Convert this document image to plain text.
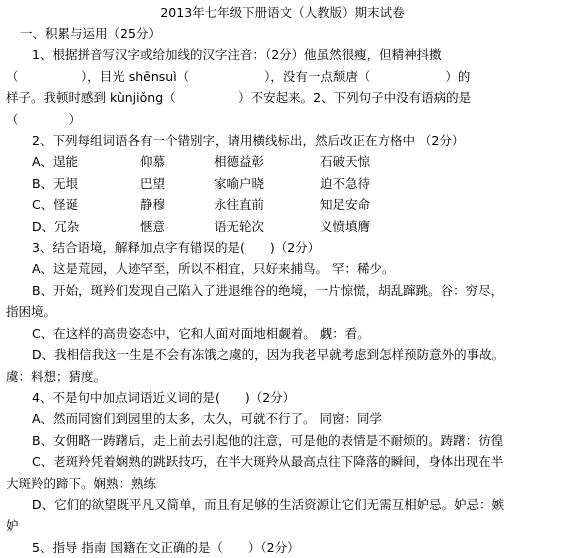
2013年七年级下册语文（人教版）期末试卷
一、积累与运用（25分）
1、根据拼音写汉字或给加线的汉字注音：（2分）他虽然很瘦，但精神抖擞
（　　　　　），目光 shēnsuì（　　　　　　），没有一点颓唐（　　　　　　）的
样子。我顿时感到 kùnjiǒng（　　　　　）不安起来。2、下列句子中没有语病的是
（　　　　）
2、下列每组词语各有一个错别字，请用横线标出，然后改正在方格中 （2分）
A、逞能	仰慕	相德益彰	石破天惊
B、无垠	巴望	家喻户晓	迫不急待
C、怪诞	静穆	永往直前	知足安命
D、冗杂	惬意	语无轮次	义愤填膺
3、结合语境，解释加点字有错误的是(　　)（2分）
A、这是荒园，人迹罕至，所以不相宜，只好来捕鸟。 罕：稀少。
B、开始，斑羚们发现自己陷入了进退维谷的绝境，一片惊慌，胡乱蹿跳。谷：穷尽，
指困境。
C、在这样的高贵姿态中，它和人面对面地相觑着。 觑：看。
D、我相信我这一生是不会有冻饿之虞的，因为我老早就考虑到怎样预防意外的事故。
虞：料想；猜度。
4、不是句中加点词语近义词的是(　　)（2分）
A、然而同窗们到园里的太多，太久，可就不行了。 同窗：同学
B、女佣略一踌躇后，走上前去引起他的注意，可是他的表情是不耐烦的。踌躇：彷徨
C、老斑羚凭着娴熟的跳跃技巧，在半大斑羚从最高点往下降落的瞬间，身体出现在半
大斑羚的蹄下。娴熟：熟练
D、它们的欲望既平凡又简单，而且有足够的生活资源让它们无需互相妒忌。妒忌：嫉
妒
5、指导 指南 国籍在文正确的是（　　）（2分）
